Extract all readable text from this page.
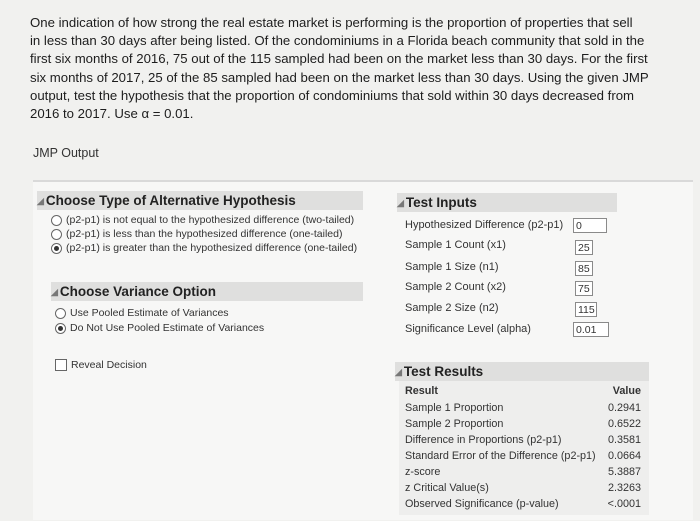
One indication of how strong the real estate market is performing is the proportion of properties that sell
in less than 30 days after being listed. Of the condominiums in a Florida beach community that sold in the
first six months of 2016, 75 out of the 115 sampled had been on the market less than 30 days. For the first
six months of 2017, 25 of the 85 sampled had been on the market less than 30 days. Using the given JMP
output, test the hypothesis that the proportion of condominiums that sold within 30 days decreased from
2016 to 2017. Use α = 0.01.
JMP Output
◢ Choose Type of Alternative Hypothesis
(p2-p1) is not equal to the hypothesized difference (two-tailed)
(p2-p1) is less than the hypothesized difference (one-tailed)
(p2-p1) is greater than the hypothesized difference (one-tailed)
◢ Choose Variance Option
Use Pooled Estimate of Variances
Do Not Use Pooled Estimate of Variances
Reveal Decision
◢ Test Inputs
Hypothesized Difference (p2-p1) 0
Sample 1 Count (x1)	25
Sample 1 Size (n1)	85
Sample 2 Count (x2)	75
Sample 2 Size (n2)	115
Significance Level (alpha)	0.01
◢ Test Results
Result	Value
Sample 1 Proportion	0.2941
Sample 2 Proportion	0.6522
Difference in Proportions (p2-p1)	0.3581
Standard Error of the Difference (p2-p1)	0.0664
z-score	5.3887
z Critical Value(s)	2.3263
Observed Significance (p-value)	<.0001
